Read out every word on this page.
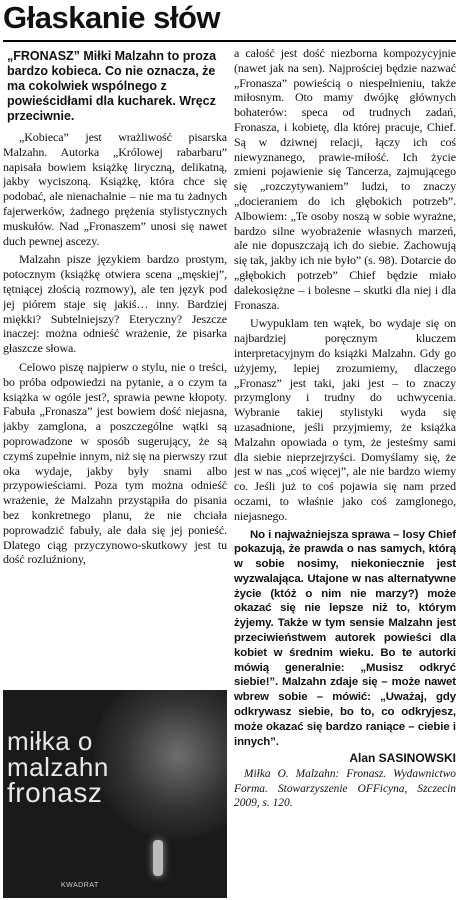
Głaskanie słów

„FRONASZ” Miłki Malzahn to proza bardzo kobieca. Co nie oznacza, że ma cokolwiek wspólnego z powieścidłami dla kucharek. Wręcz przeciwnie.

„Kobieca” jest wrażliwość pisarska Malzahn. Autorka „Królowej rabarbaru” napisała bowiem książkę liryczną, delikatną, jakby wyciszoną. Książkę, która chce się podobać, ale nienachalnie – nie ma tu żadnych fajerwerków, żadnego prężenia stylistycznych muskułów. Nad „Fronaszem” unosi się nawet duch pewnej ascezy.

Malzahn pisze językiem bardzo prostym, potocznym (książkę otwiera scena „męskiej”, tętniącej złością rozmowy), ale ten język pod jej piórem staje się jakiś… inny. Bardziej miękki? Subtelniejszy? Eteryczny? Jeszcze inaczej: można odnieść wrażenie, że pisarka głaszcze słowa.

Celowo piszę najpierw o stylu, nie o treści, bo próba odpowiedzi na pytanie, a o czym ta książka w ogóle jest?, sprawia pewne kłopoty. Fabuła „Fronasza” jest bowiem dość niejasna, jakby zamglona, a poszczególne wątki są poprowadzone w sposób sugerujący, że są czymś zupełnie innym, niż się na pierwszy rzut oka wydaje, jakby były snami albo przypowieściami. Poza tym można odnieść wrażenie, że Malzahn przystąpiła do pisania bez konkretnego planu, że nie chciała poprowadzić fabuły, ale dała się jej ponieść. Dlatego ciąg przyczynowo-skutkowy jest tu dość rozluźniony,

miłka o
malzahn
fronasz
KWADRAT

a całość jest dość niezborna kompozycyjnie (nawet jak na sen). Najprościej będzie nazwać „Fronasza” powieścią o niespełnieniu, także miłosnym. Oto mamy dwójkę głównych bohaterów: speca od trudnych zadań, Fronasza, i kobietę, dla której pracuje, Chief. Są w dziwnej relacji, łączy ich coś niewyznanego, prawie-miłość. Ich życie zmieni pojawienie się Tancerza, zajmującego się „rozczytywaniem” ludzi, to znaczy „docieraniem do ich głębokich potrzeb”. Albowiem: „Te osoby noszą w sobie wyrażne, bardzo silne wyobrażenie własnych marzeń, ale nie dopuszczają ich do siebie. Zachowują się tak, jakby ich nie było” (s. 98). Dotarcie do „głębokich potrzeb” Chief będzie miało dalekosiężne – i bolesne – skutki dla niej i dla Fronasza.

Uwypuklam ten wątek, bo wydaje się on najbardziej poręcznym kluczem interpretacyjnym do książki Malzahn. Gdy go użyjemy, lepiej zrozumiemy, dlaczego „Fronasz” jest taki, jaki jest – to znaczy przymglony i trudny do uchwycenia. Wybranie takiej stylistyki wyda się uzasadnione, jeśli przyjmiemy, że książka Malzahn opowiada o tym, że jesteśmy sami dla siebie nieprzejrzyści. Domyślamy się, że jest w nas „coś więcej”, ale nie bardzo wiemy co. Jeśli już to coś pojawia się nam przed oczami, to właśnie jako coś zamglonego, niejasnego.

No i najważniejsza sprawa – losy Chief pokazują, że prawda o nas samych, którą w sobie nosimy, niekoniecznie jest wyzwalająca. Utajone w nas alternatywne życie (któż o nim nie marzy?) może okazać się nie lepsze niż to, którym żyjemy. Także w tym sensie Malzahn jest przeciwieństwem autorek powieści dla kobiet w średnim wieku. Bo te autorki mówią generalnie: „Musisz odkryć siebie!”. Malzahn zdaje się – może nawet wbrew sobie – mówić: „Uważaj, gdy odkrywasz siebie, bo to, co odkryjesz, może okazać się bardzo raniące – ciebie i innych”.

Alan SASINOWSKI

Miłka O. Malzahn: Fronasz. Wydawnictwo Forma. Stowarzyszenie OFFicyna, Szczecin 2009, s. 120.
